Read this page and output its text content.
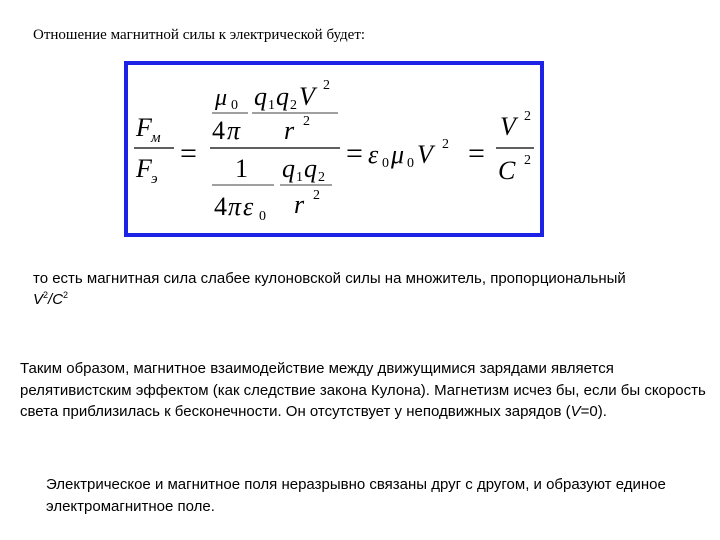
Отношение магнитной силы к электрической будет:
F м
F э
=
μ 0
4 π
q 1 q 2 V 2
r 2
1
4 π ε 0
q 1 q 2
r 2
= ε 0 μ 0 V 2 =
V 2
C 2
то есть магнитная сила слабее кулоновской силы на множитель, пропорциональный $V^2/C^2$
Таким образом, магнитное взаимодействие между движущимися зарядами является релятивистским эффектом (как следствие закона Кулона). Магнетизм исчез бы, если бы скорость света приблизилась к бесконечности. Он отсутствует у неподвижных зарядов (V=0).
Электрическое и магнитное поля неразрывно связаны друг с другом, и образуют единое электромагнитное поле.
